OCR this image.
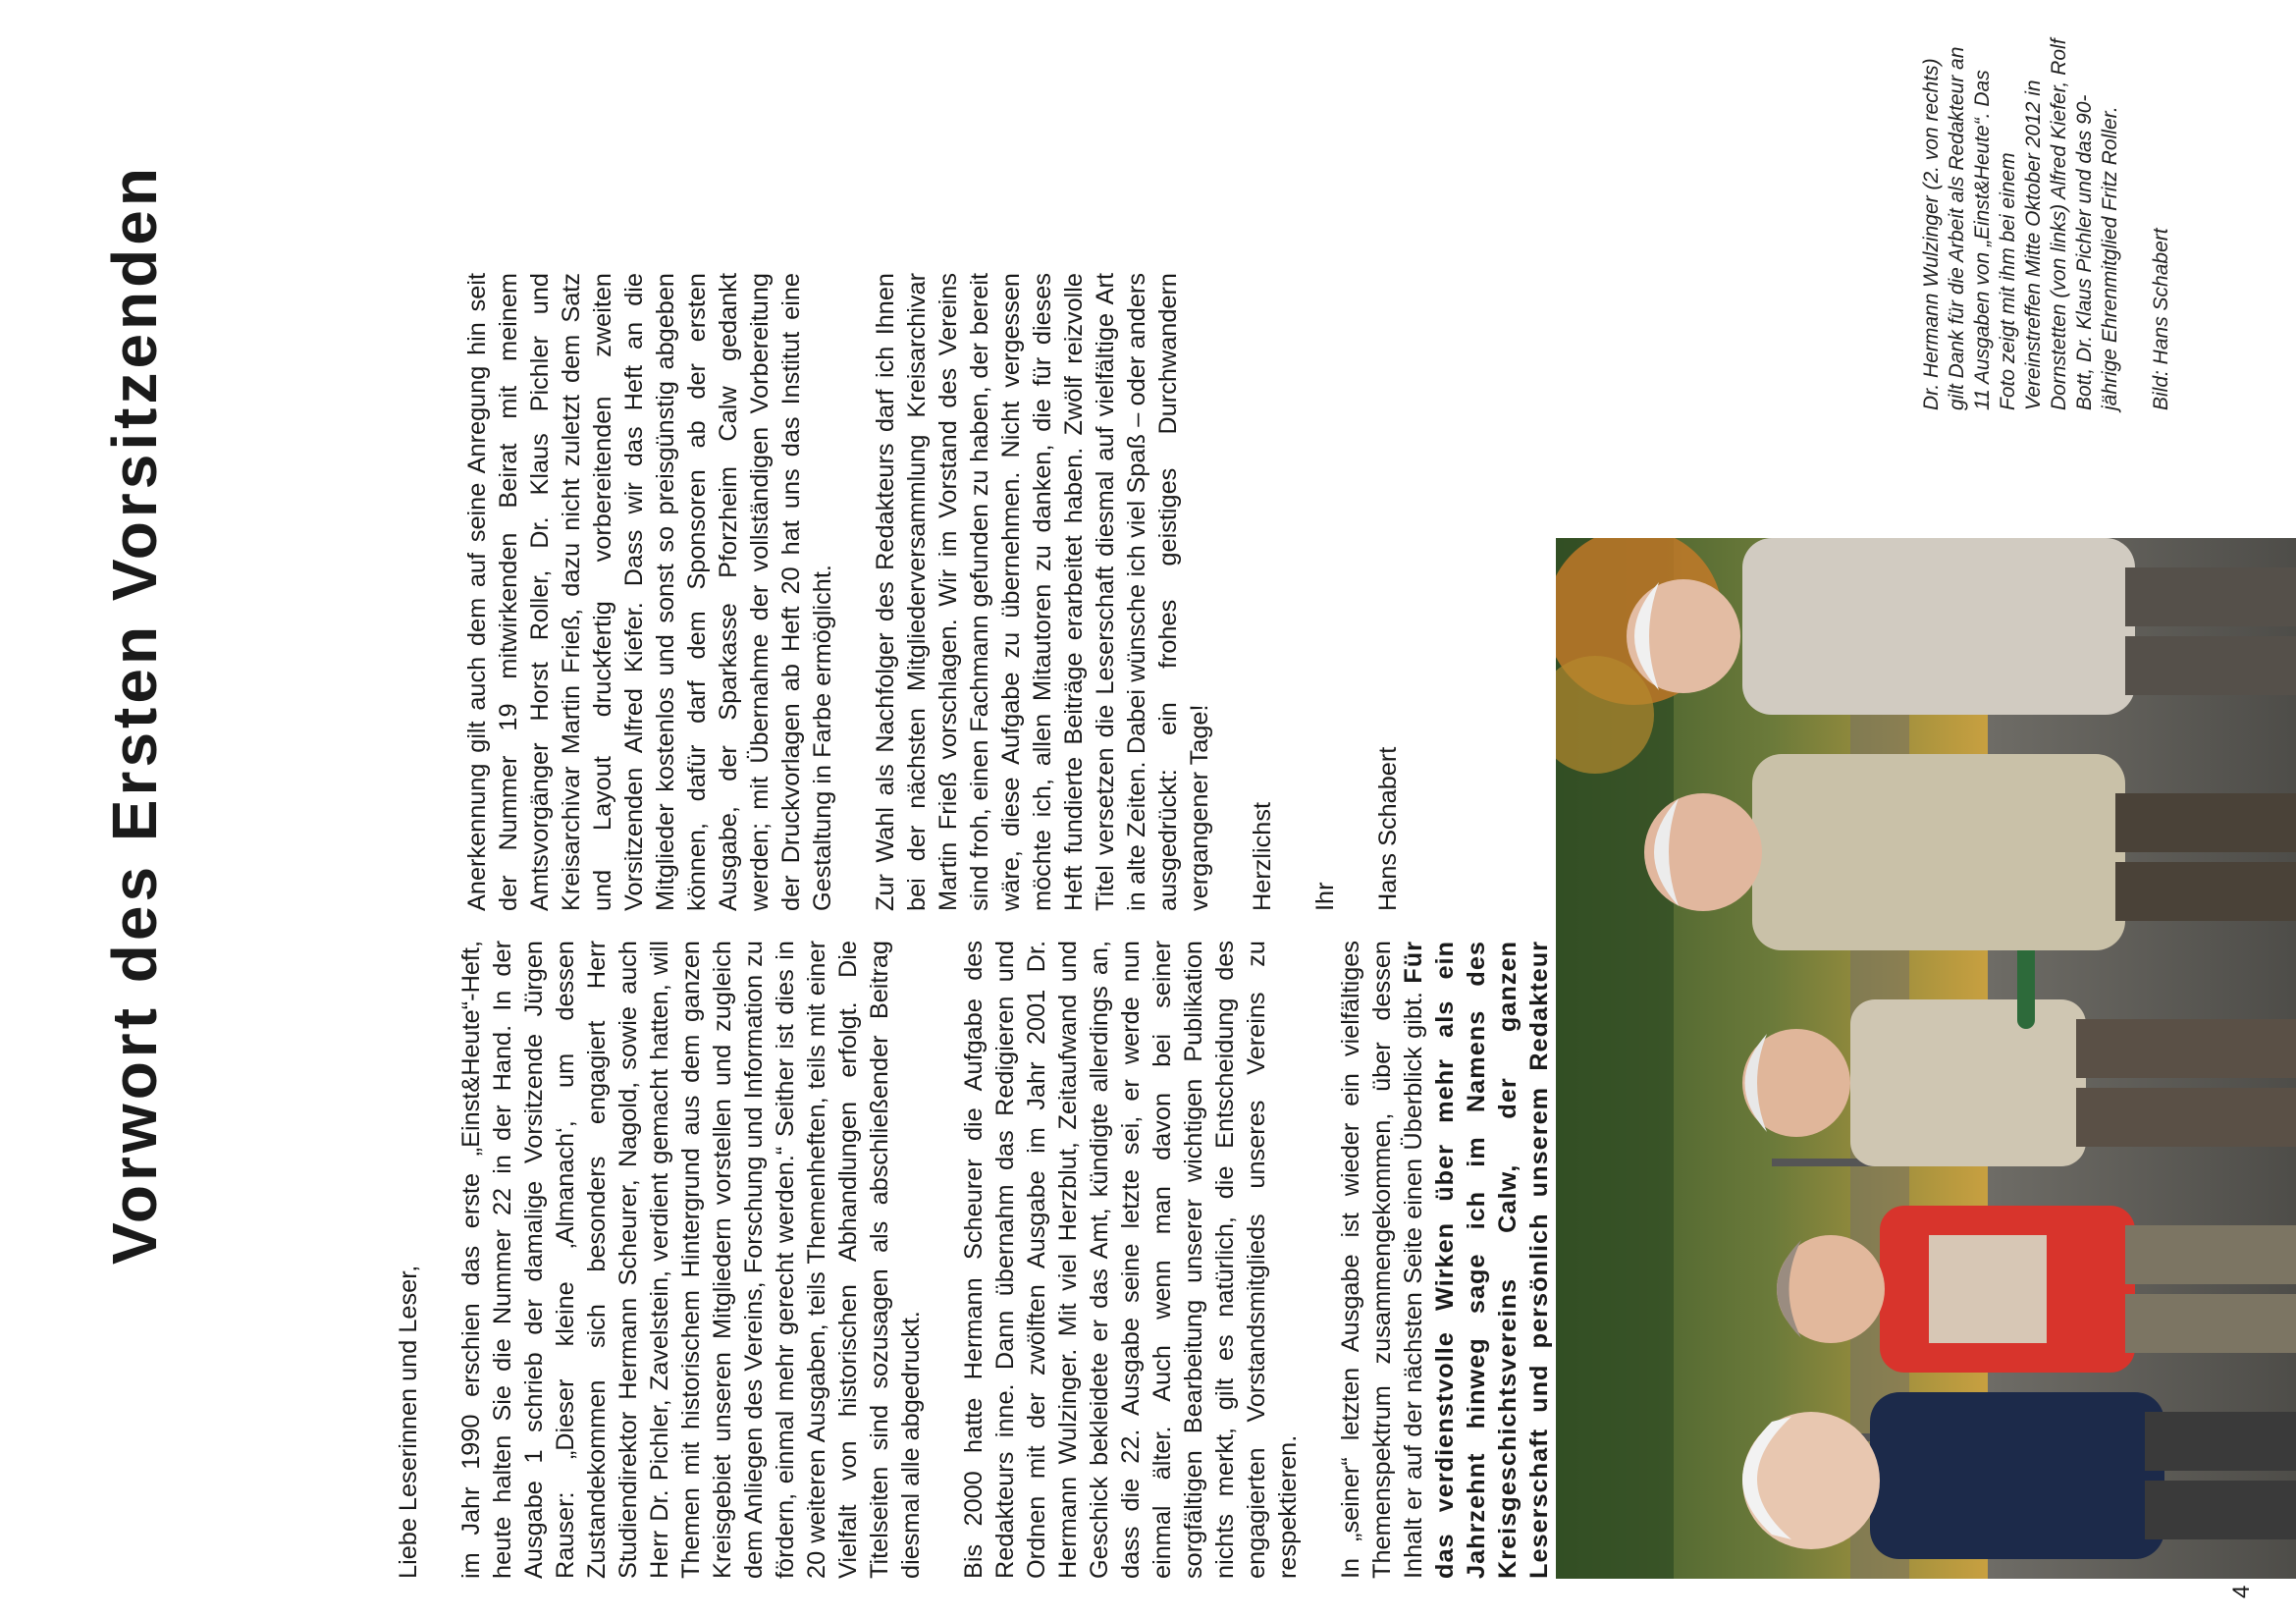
Vorwort des Ersten Vorsitzenden

Liebe Leserinnen und Leser, im Jahr 1990 erschien das erste „Einst&Heute“-Heft, heute halten Sie die Nummer 22 in der Hand. In der Ausgabe 1 schrieb der damalige Vorsitzende Jürgen Rauser: „Dieser kleine ‚Almanach‘, um dessen Zustandekommen sich besonders engagiert Herr Studiendirektor Hermann Scheurer, Nagold, sowie auch Herr Dr. Pichler, Zavelstein, verdient gemacht hatten, will Themen mit historischem Hintergrund aus dem ganzen Kreisgebiet unseren Mitgliedern vorstellen und zugleich dem Anliegen des Vereins, Forschung und Information zu fördern, einmal mehr gerecht werden.“ Seither ist dies in 20 weiteren Ausgaben, teils Themenheften, teils mit einer Vielfalt von historischen Abhandlungen erfolgt. Die Titelseiten sind sozusagen als abschließender Beitrag diesmal alle abgedruckt. Bis 2000 hatte Hermann Scheurer die Aufgabe des Redakteurs inne. Dann übernahm das Redigieren und Ordnen mit der zwölften Ausgabe im Jahr 2001 Dr. Hermann Wulzinger. Mit viel Herzblut, Zeitaufwand und Geschick bekleidete er das Amt, kündigte allerdings an, dass die 22. Ausgabe seine letzte sei, er werde nun einmal älter. Auch wenn man davon bei seiner sorgfältigen Bearbeitung unserer wichtigen Publikation nichts merkt, gilt es natürlich, die Entscheidung des engagierten Vorstandsmitglieds unseres Vereins zu respektieren. In „seiner“ letzten Ausgabe ist wieder ein vielfältiges Themenspektrum zusammengekommen, über dessen Inhalt er auf der nächsten Seite einen Überblick gibt. Für das verdienstvolle Wirken über mehr als ein Jahrzehnt hinweg sage ich im Namens des Kreisgeschichtsvereins Calw, der ganzen Leserschaft und persönlich unserem Redakteur

Anerkennung gilt auch dem auf seine Anregung hin seit der Nummer 19 mitwirkenden Beirat mit meinem Amtsvorgänger Horst Roller, Dr. Klaus Pichler und Kreisarchivar Martin Frieß, dazu nicht zuletzt dem Satz und Layout druckfertig vorbereitenden zweiten Vorsitzenden Alfred Kiefer. Dass wir das Heft an die Mitglieder kostenlos und sonst so preisgünstig abgeben können, dafür darf dem Sponsoren ab der ersten Ausgabe, der Sparkasse Pforzheim Calw gedankt werden; mit Übernahme der vollständigen Vorbereitung der Druckvorlagen ab Heft 20 hat uns das Institut eine Gestaltung in Farbe ermöglicht. Zur Wahl als Nachfolger des Redakteurs darf ich Ihnen bei der nächsten Mitgliederversammlung Kreisarchivar Martin Frieß vorschlagen. Wir im Vorstand des Vereins sind froh, einen Fachmann gefunden zu haben, der bereit wäre, diese Aufgabe zu übernehmen. Nicht vergessen möchte ich, allen Mitautoren zu danken, die für dieses Heft fundierte Beiträge erarbeitet haben. Zwölf reizvolle Titel versetzen die Leserschaft diesmal auf vielfältige Art in alte Zeiten. Dabei wünsche ich viel Spaß – oder anders ausgedrückt: ein frohes geistiges Durchwandern vergangener Tage! Herzlichst Ihr Hans Schabert

Dr. Hermann Wulzinger (2. von rechts) gilt Dank für die Arbeit als Redakteur an 11 Ausgaben von „Einst&Heute“. Das Foto zeigt mit ihm bei einem Vereinstreffen Mitte Oktober 2012 in Dornstetten (von links) Alfred Kiefer, Rolf Bott, Dr. Klaus Pichler und das 90-jährige Ehrenmitglied Fritz Roller. Bild: Hans Schabert

4
